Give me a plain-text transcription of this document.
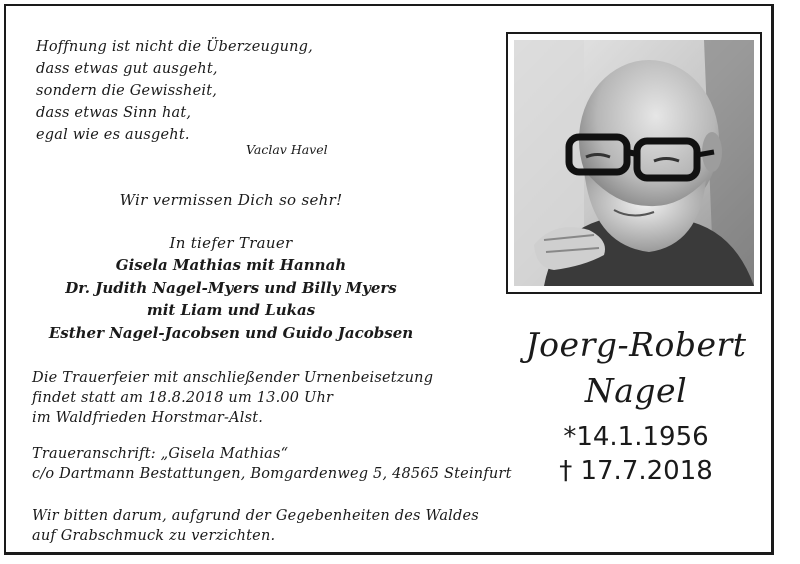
Hoffnung ist nicht die Überzeugung,
dass etwas gut ausgeht,
sondern die Gewissheit,
dass etwas Sinn hat,
egal wie es ausgeht.
Vaclav Havel
Wir vermissen Dich so sehr!
In tiefer Trauer
Gisela Mathias mit Hannah
Dr. Judith Nagel-Myers und Billy Myers
mit Liam und Lukas
Esther Nagel-Jacobsen und Guido Jacobsen
Die Trauerfeier mit anschließender Urnenbeisetzung
findet statt am 18.8.2018 um 13.00 Uhr
im Waldfrieden Horstmar-Alst.
Traueranschrift: „Gisela Mathias“
c/o Dartmann Bestattungen, Bomgardenweg 5, 48565 Steinfurt
Wir bitten darum, aufgrund der Gegebenheiten des Waldes
auf Grabschmuck zu verzichten.
Joerg-Robert
Nagel
*14.1.1956
† 17.7.2018
